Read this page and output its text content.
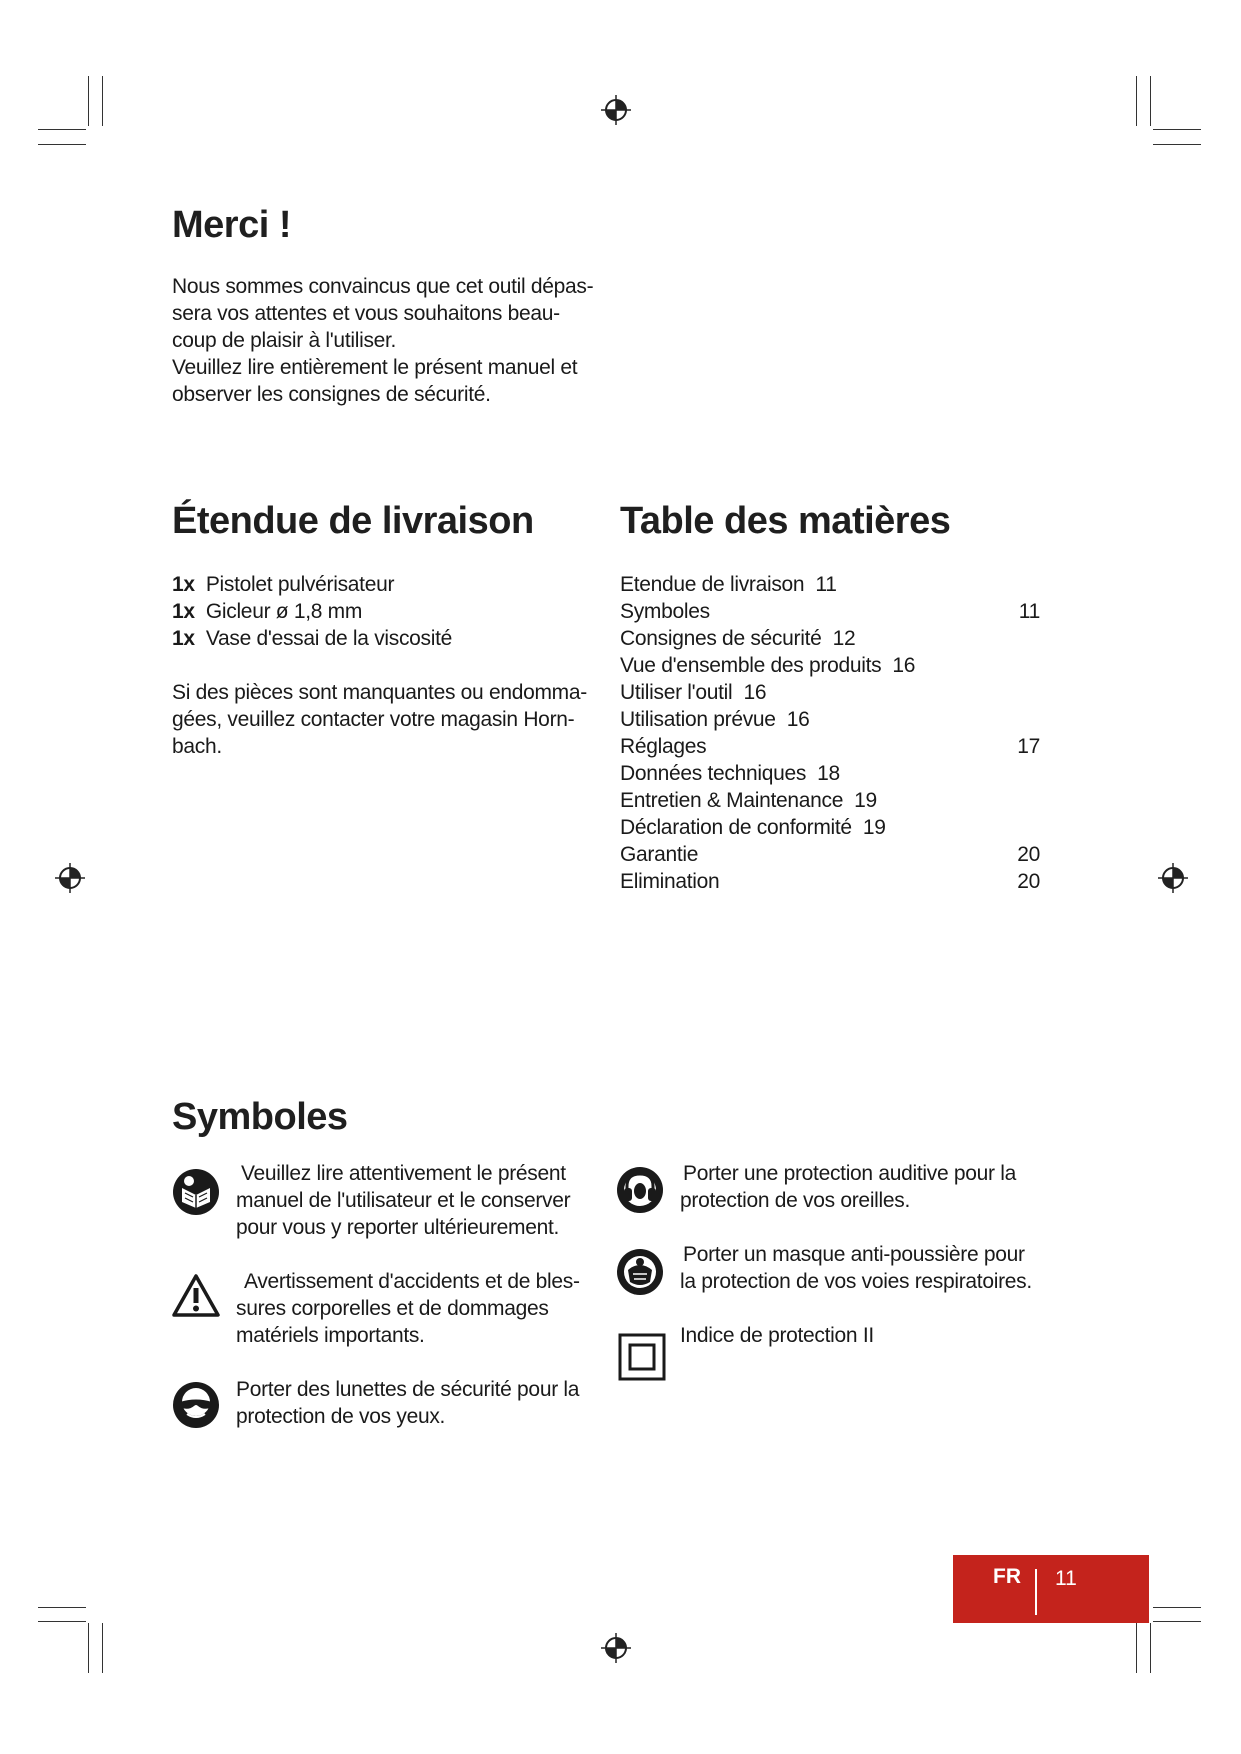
Merci !
Nous sommes convaincus que cet outil dépas-
sera vos attentes et vous souhaitons beau-
coup de plaisir à l'utiliser.
Veuillez lire entièrement le présent manuel et
observer les consignes de sécurité.
Étendue de livraison
1x Pistolet pulvérisateur
1x Gicleur ø 1,8 mm
1x Vase d'essai de la viscosité
Si des pièces sont manquantes ou endomma-
gées, veuillez contacter votre magasin Horn-
bach.
Table des matières
Etendue de livraison 11
Symboles	11
Consignes de sécurité 12
Vue d'ensemble des produits 16
Utiliser l'outil 16
Utilisation prévue 16
Réglages	17
Données techniques 18
Entretien & Maintenance 19
Déclaration de conformité 19
Garantie	20
Elimination	20
Symboles
Veuillez lire attentivement le présent
manuel de l'utilisateur et le conserver
pour vous y reporter ultérieurement.
Avertissement d'accidents et de bles-
sures corporelles et de dommages
matériels importants.
Porter des lunettes de sécurité pour la
protection de vos yeux.
Porter une protection auditive pour la
protection de vos oreilles.
Porter un masque anti-poussière pour
la protection de vos voies respiratoires.
Indice de protection II
FR 11
